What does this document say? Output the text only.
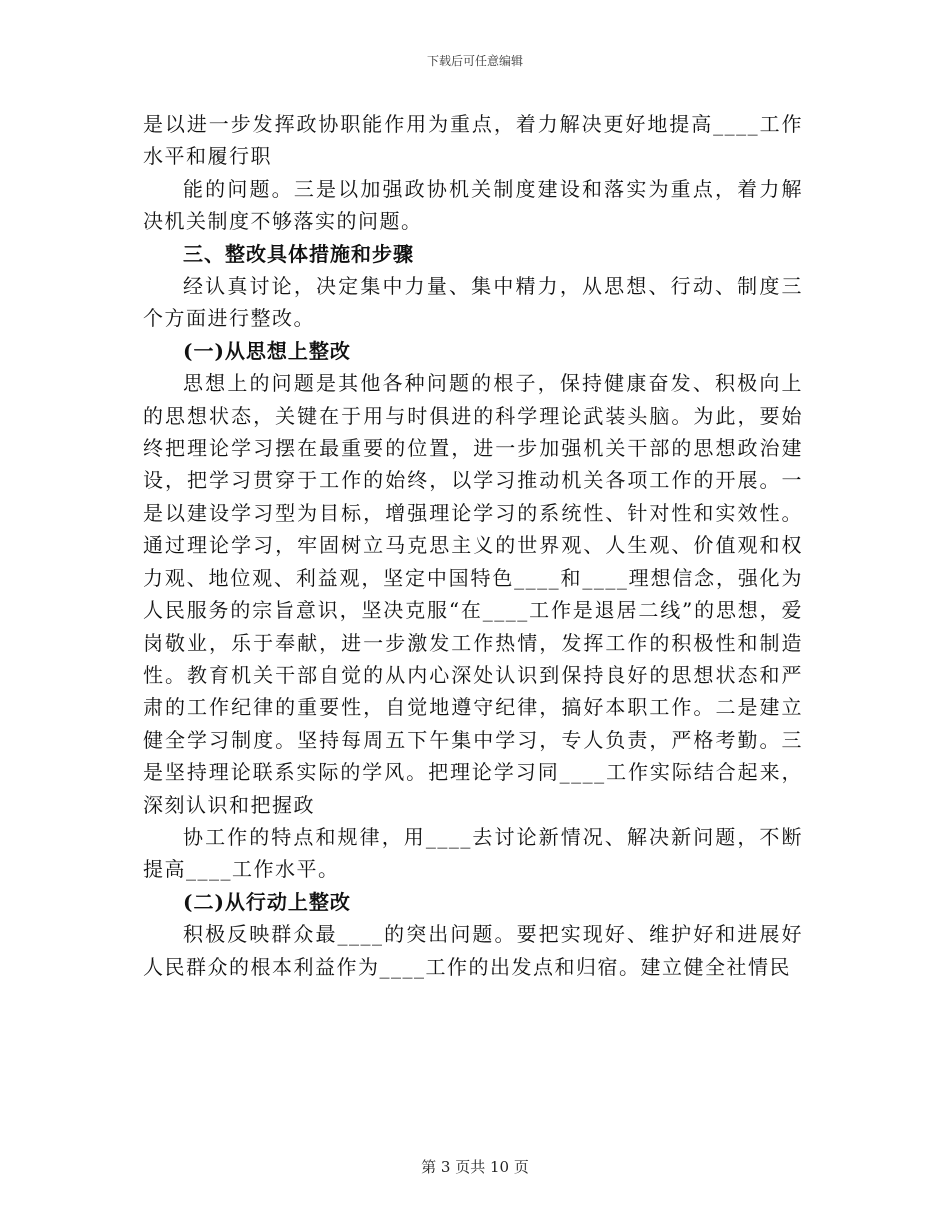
下载后可任意编辑

是以进一步发挥政协职能作用为重点，着力解决更好地提高____工作水平和履行职

能的问题。三是以加强政协机关制度建设和落实为重点，着力解决机关制度不够落实的问题。

三、整改具体措施和步骤

经认真讨论，决定集中力量、集中精力，从思想、行动、制度三个方面进行整改。

(一)从思想上整改

思想上的问题是其他各种问题的根子，保持健康奋发、积极向上的思想状态，关键在于用与时俱进的科学理论武装头脑。为此，要始终把理论学习摆在最重要的位置，进一步加强机关干部的思想政治建设，把学习贯穿于工作的始终，以学习推动机关各项工作的开展。一是以建设学习型为目标，增强理论学习的系统性、针对性和实效性。通过理论学习，牢固树立马克思主义的世界观、人生观、价值观和权力观、地位观、利益观，坚定中国特色____和____理想信念，强化为人民服务的宗旨意识，坚决克服“在____工作是退居二线”的思想，爱岗敬业，乐于奉献，进一步激发工作热情，发挥工作的积极性和制造性。教育机关干部自觉的从内心深处认识到保持良好的思想状态和严肃的工作纪律的重要性，自觉地遵守纪律，搞好本职工作。二是建立健全学习制度。坚持每周五下午集中学习，专人负责，严格考勤。三是坚持理论联系实际的学风。把理论学习同____工作实际结合起来，深刻认识和把握政

协工作的特点和规律，用____去讨论新情况、解决新问题，不断提高____工作水平。

(二)从行动上整改

积极反映群众最____的突出问题。要把实现好、维护好和进展好人民群众的根本利益作为____工作的出发点和归宿。建立健全社情民

第 3 页共 10 页
